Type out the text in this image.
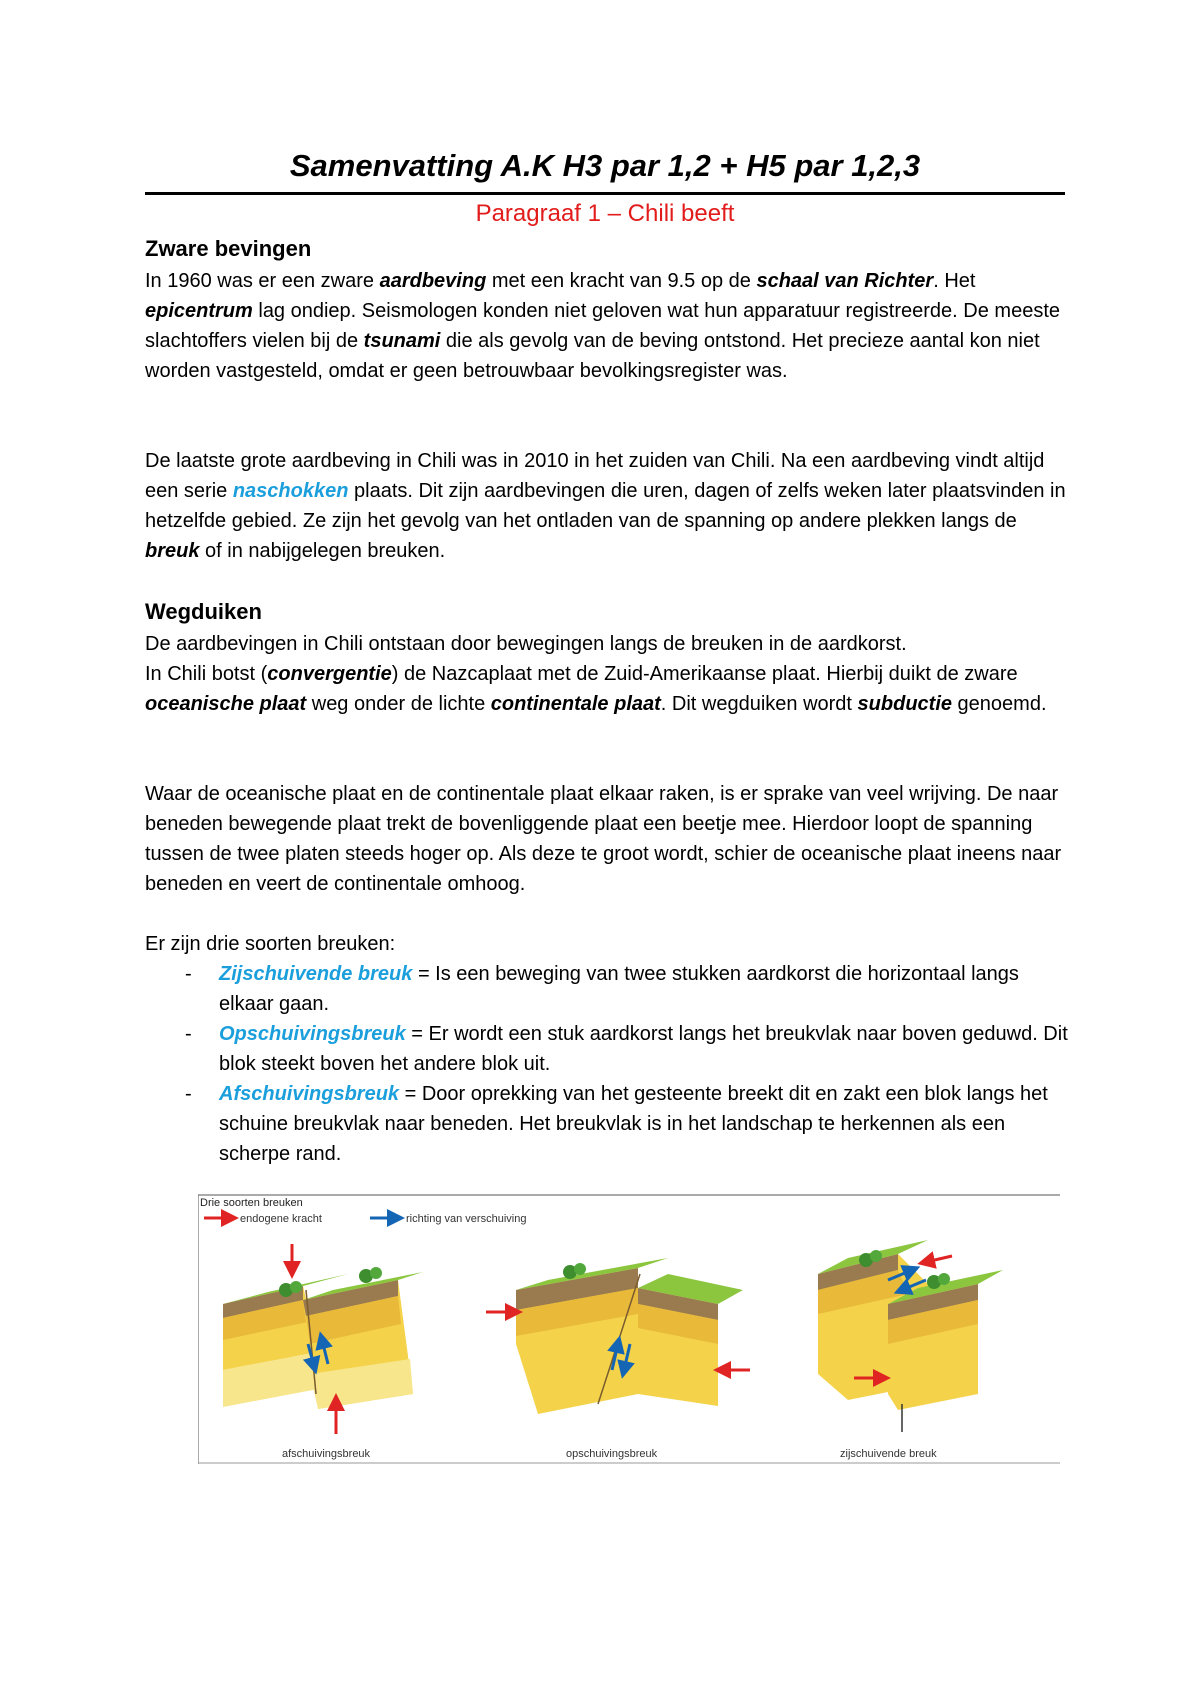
Samenvatting A.K H3 par 1,2 + H5 par 1,2,3
Paragraaf 1 – Chili beeft
Zware bevingen

In 1960 was er een zware aardbeving met een kracht van 9.5 op de schaal van Richter. Het epicentrum lag ondiep. Seismologen konden niet geloven wat hun apparatuur registreerde. De meeste slachtoffers vielen bij de tsunami die als gevolg van de beving ontstond. Het precieze aantal kon niet worden vastgesteld, omdat er geen betrouwbaar bevolkingsregister was.

De laatste grote aardbeving in Chili was in 2010 in het zuiden van Chili. Na een aardbeving vindt altijd een serie naschokken plaats. Dit zijn aardbevingen die uren, dagen of zelfs weken later plaatsvinden in hetzelfde gebied. Ze zijn het gevolg van het ontladen van de spanning op andere plekken langs de breuk of in nabijgelegen breuken.

Wegduiken

De aardbevingen in Chili ontstaan door bewegingen langs de breuken in de aardkorst.

In Chili botst (convergentie) de Nazcaplaat met de Zuid-Amerikaanse plaat. Hierbij duikt de zware oceanische plaat weg onder de lichte continentale plaat. Dit wegduiken wordt subductie genoemd.

Waar de oceanische plaat en de continentale plaat elkaar raken, is er sprake van veel wrijving. De naar beneden bewegende plaat trekt de bovenliggende plaat een beetje mee. Hierdoor loopt de spanning tussen de twee platen steeds hoger op. Als deze te groot wordt, schier de oceanische plaat ineens naar beneden en veert de continentale omhoog.
Er zijn drie soorten breuken:
-	Zijschuivende breuk = Is een beweging van twee stukken aardkorst die horizontaal langs elkaar gaan.
-	Opschuivingsbreuk = Er wordt een stuk aardkorst langs het breukvlak naar boven geduwd. Dit blok steekt boven het andere blok uit.
-	Afschuivingsbreuk = Door oprekking van het gesteente breekt dit en zakt een blok langs het schuine breukvlak naar beneden. Het breukvlak is in het landschap te herkennen als een scherpe rand.
Drie soorten breuken
endogene kracht	richting van verschuiving
afschuivingsbreuk	opschuivingsbreuk	zijschuivende breuk
